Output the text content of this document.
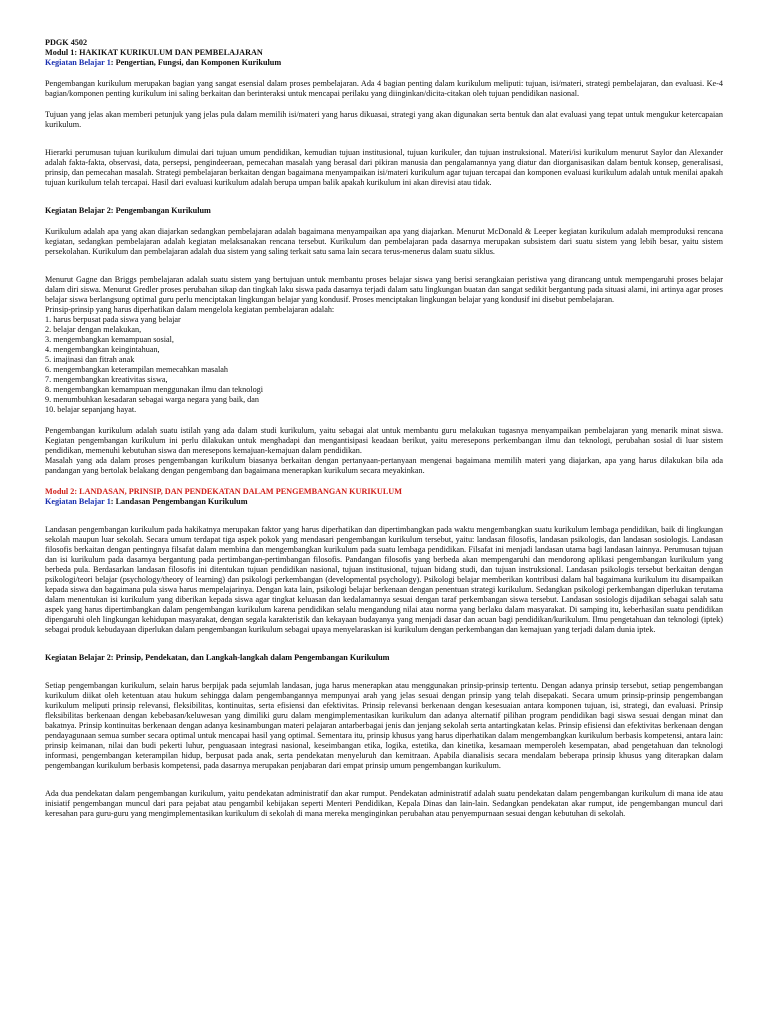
PDGK 4502
Modul 1: HAKIKAT KURIKULUM DAN PEMBELAJARAN
Kegiatan Belajar 1: Pengertian, Fungsi, dan Komponen Kurikulum

Pengembangan kurikulum merupakan bagian yang sangat esensial dalam proses pembelajaran. Ada 4 bagian penting dalam kurikulum meliputi: tujuan, isi/materi, strategi pembelajaran, dan evaluasi. Ke-4 bagian/komponen penting kurikulum ini saling berkaitan dan berinteraksi untuk mencapai perilaku yang diinginkan/dicita-citakan oleh tujuan pendidikan nasional.

Tujuan yang jelas akan memberi petunjuk yang jelas pula dalam memilih isi/materi yang harus dikuasai, strategi yang akan digunakan serta bentuk dan alat evaluasi yang tepat untuk mengukur ketercapaian kurikulum.

Hierarki perumusan tujuan kurikulum dimulai dari tujuan umum pendidikan, kemudian tujuan institusional, tujuan kurikuler, dan tujuan instruksional. Materi/isi kurikulum menurut Saylor dan Alexander adalah fakta-fakta, observasi, data, persepsi, pengindeeraan, pemecahan masalah yang berasal dari pikiran manusia dan pengalamannya yang diatur dan diorganisasikan dalam bentuk konsep, generalisasi, prinsip, dan pemecahan masalah. Strategi pembelajaran berkaitan dengan bagaimana menyampaikan isi/materi kurikulum agar tujuan tercapai dan komponen evaluasi kurikulum adalah untuk menilai apakah tujuan kurikulum telah tercapai. Hasil dari evaluasi kurikulum adalah berupa umpan balik apakah kurikulum ini akan direvisi atau tidak.

Kegiatan Belajar 2: Pengembangan Kurikulum

Kurikulum adalah apa yang akan diajarkan sedangkan pembelajaran adalah bagaimana menyampaikan apa yang diajarkan. Menurut McDonald & Leeper kegiatan kurikulum adalah memproduksi rencana kegiatan, sedangkan pembelajaran adalah kegiatan melaksanakan rencana tersebut. Kurikulum dan pembelajaran pada dasarnya merupakan subsistem dari suatu sistem yang lebih besar, yaitu sistem persekolahan. Kurikulum dan pembelajaran adalah dua sistem yang saling terkait satu sama lain secara terus-menerus dalam suatu siklus.

Menurut Gagne dan Briggs pembelajaran adalah suatu sistem yang bertujuan untuk membantu proses belajar siswa yang berisi serangkaian peristiwa yang dirancang untuk mempengaruhi proses belajar dalam diri siswa. Menurut Gredler proses perubahan sikap dan tingkah laku siswa pada dasarnya terjadi dalam satu lingkungan buatan dan sangat sedikit bergantung pada situasi alami, ini artinya agar proses belajar siswa berlangsung optimal guru perlu menciptakan lingkungan belajar yang kondusif. Proses menciptakan lingkungan belajar yang kondusif ini disebut pembelajaran.

Prinsip-prinsip yang harus diperhatikan dalam mengelola kegiatan pembelajaran adalah:

1. harus berpusat pada siswa yang belajar
2. belajar dengan melakukan,
3. mengembangkan kemampuan sosial,
4. mengembangkan keingintahuan,
5. imajinasi dan fitrah anak
6. mengembangkan keterampilan memecahkan masalah
7. mengembangkan kreativitas siswa,
8. mengembangkan kemampuan menggunakan ilmu dan teknologi
9. menumbuhkan kesadaran sebagai warga negara yang baik, dan
10. belajar sepanjang hayat.

Pengembangan kurikulum adalah suatu istilah yang ada dalam studi kurikulum, yaitu sebagai alat untuk membantu guru melakukan tugasnya menyampaikan pembelajaran yang menarik minat siswa. Kegiatan pengembangan kurikulum ini perlu dilakukan untuk menghadapi dan mengantisipasi keadaan berikut, yaitu meresepons perkembangan ilmu dan teknologi, perubahan sosial di luar sistem pendidikan, memenuhi kebutuhan siswa dan meresepons kemajuan-kemajuan dalam pendidikan.

Masalah yang ada dalam proses pengembangan kurikulum biasanya berkaitan dengan pertanyaan-pertanyaan mengenai bagaimana memilih materi yang diajarkan, apa yang harus dilakukan bila ada pandangan yang bertolak belakang dengan pengembang dan bagaimana menerapkan kurikulum secara meyakinkan.

Modul 2: LANDASAN, PRINSIP, DAN PENDEKATAN DALAM PENGEMBANGAN KURIKULUM
Kegiatan Belajar 1: Landasan Pengembangan Kurikulum

Landasan pengembangan kurikulum pada hakikatnya merupakan faktor yang harus diperhatikan dan dipertimbangkan pada waktu mengembangkan suatu kurikulum lembaga pendidikan, baik di lingkungan sekolah maupun luar sekolah. Secara umum terdapat tiga aspek pokok yang mendasari pengembangan kurikulum tersebut, yaitu: landasan filosofis, landasan psikologis, dan landasan sosiologis. Landasan filosofis berkaitan dengan pentingnya filsafat dalam membina dan mengembangkan kurikulum pada suatu lembaga pendidikan. Filsafat ini menjadi landasan utama bagi landasan lainnya. Perumusan tujuan dan isi kurikulum pada dasarnya bergantung pada pertimbangan-pertimbangan filosofis. Pandangan filosofis yang berbeda akan mempengaruhi dan mendorong aplikasi pengembangan kurikulum yang berbeda pula. Berdasarkan landasan filosofis ini ditentukan tujuan pendidikan nasional, tujuan institusional, tujuan bidang studi, dan tujuan instruksional. Landasan psikologis tersebut berkaitan dengan psikologi/teori belajar (psychology/theory of learning) dan psikologi perkembangan (developmental psychology). Psikologi belajar memberikan kontribusi dalam hal bagaimana kurikulum itu disampaikan kepada siswa dan bagaimana pula siswa harus mempelajarinya. Dengan kata lain, psikologi belajar berkenaan dengan penentuan strategi kurikulum. Sedangkan psikologi perkembangan diperlukan terutama dalam menentukan isi kurikulum yang diberikan kepada siswa agar tingkat keluasan dan kedalamannya sesuai dengan taraf perkembangan siswa tersebut. Landasan sosiologis dijadikan sebagai salah satu aspek yang harus dipertimbangkan dalam pengembangan kurikulum karena pendidikan selalu mengandung nilai atau norma yang berlaku dalam masyarakat. Di samping itu, keberhasilan suatu pendidikan dipengaruhi oleh lingkungan kehidupan masyarakat, dengan segala karakteristik dan kekayaan budayanya yang menjadi dasar dan acuan bagi pendidikan/kurikulum. Ilmu pengetahuan dan teknologi (iptek) sebagai produk kebudayaan diperlukan dalam pengembangan kurikulum sebagai upaya menyelaraskan isi kurikulum dengan perkembangan dan kemajuan yang terjadi dalam dunia iptek.

Kegiatan Belajar 2: Prinsip, Pendekatan, dan Langkah-langkah dalam Pengembangan Kurikulum

Setiap pengembangan kurikulum, selain harus berpijak pada sejumlah landasan, juga harus menerapkan atau menggunakan prinsip-prinsip tertentu. Dengan adanya prinsip tersebut, setiap pengembangan kurikulum diikat oleh ketentuan atau hukum sehingga dalam pengembangannya mempunyai arah yang jelas sesuai dengan prinsip yang telah disepakati. Secara umum prinsip-prinsip pengembangan kurikulum meliputi prinsip relevansi, fleksibilitas, kontinuitas, serta efisiensi dan efektivitas. Prinsip relevansi berkenaan dengan kesesuaian antara komponen tujuan, isi, strategi, dan evaluasi. Prinsip fleksibilitas berkenaan dengan kebebasan/keluwesan yang dimiliki guru dalam mengimplementasikan kurikulum dan adanya alternatif pilihan program pendidikan bagi siswa sesuai dengan minat dan bakatnya. Prinsip kontinuitas berkenaan dengan adanya kesinambungan materi pelajaran antarberbagai jenis dan jenjang sekolah serta antartingkatan kelas. Prinsip efisiensi dan efektivitas berkenaan dengan pendayagunaan semua sumber secara optimal untuk mencapai hasil yang optimal. Sementara itu, prinsip khusus yang harus diperhatikan dalam mengembangkan kurikulum berbasis kompetensi, antara lain: prinsip keimanan, nilai dan budi pekerti luhur, penguasaan integrasi nasional, keseimbangan etika, logika, estetika, dan kinetika, kesamaan memperoleh kesempatan, abad pengetahuan dan teknologi informasi, pengembangan keterampilan hidup, berpusat pada anak, serta pendekatan menyeluruh dan kemitraan. Apabila dianalisis secara mendalam beberapa prinsip khusus yang diterapkan dalam pengembangan kurikulum berbasis kompetensi, pada dasarnya merupakan penjabaran dari empat prinsip umum pengembangan kurikulum.

Ada dua pendekatan dalam pengembangan kurikulum, yaitu pendekatan administratif dan akar rumput. Pendekatan administratif adalah suatu pendekatan dalam pengembangan kurikulum di mana ide atau inisiatif pengembangan muncul dari para pejabat atau pengambil kebijakan seperti Menteri Pendidikan, Kepala Dinas dan lain-lain. Sedangkan pendekatan akar rumput, ide pengembangan muncul dari keresahan para guru-guru yang mengimplementasikan kurikulum di sekolah di mana mereka menginginkan perubahan atau penyempurnaan sesuai dengan kebutuhan di sekolah.
